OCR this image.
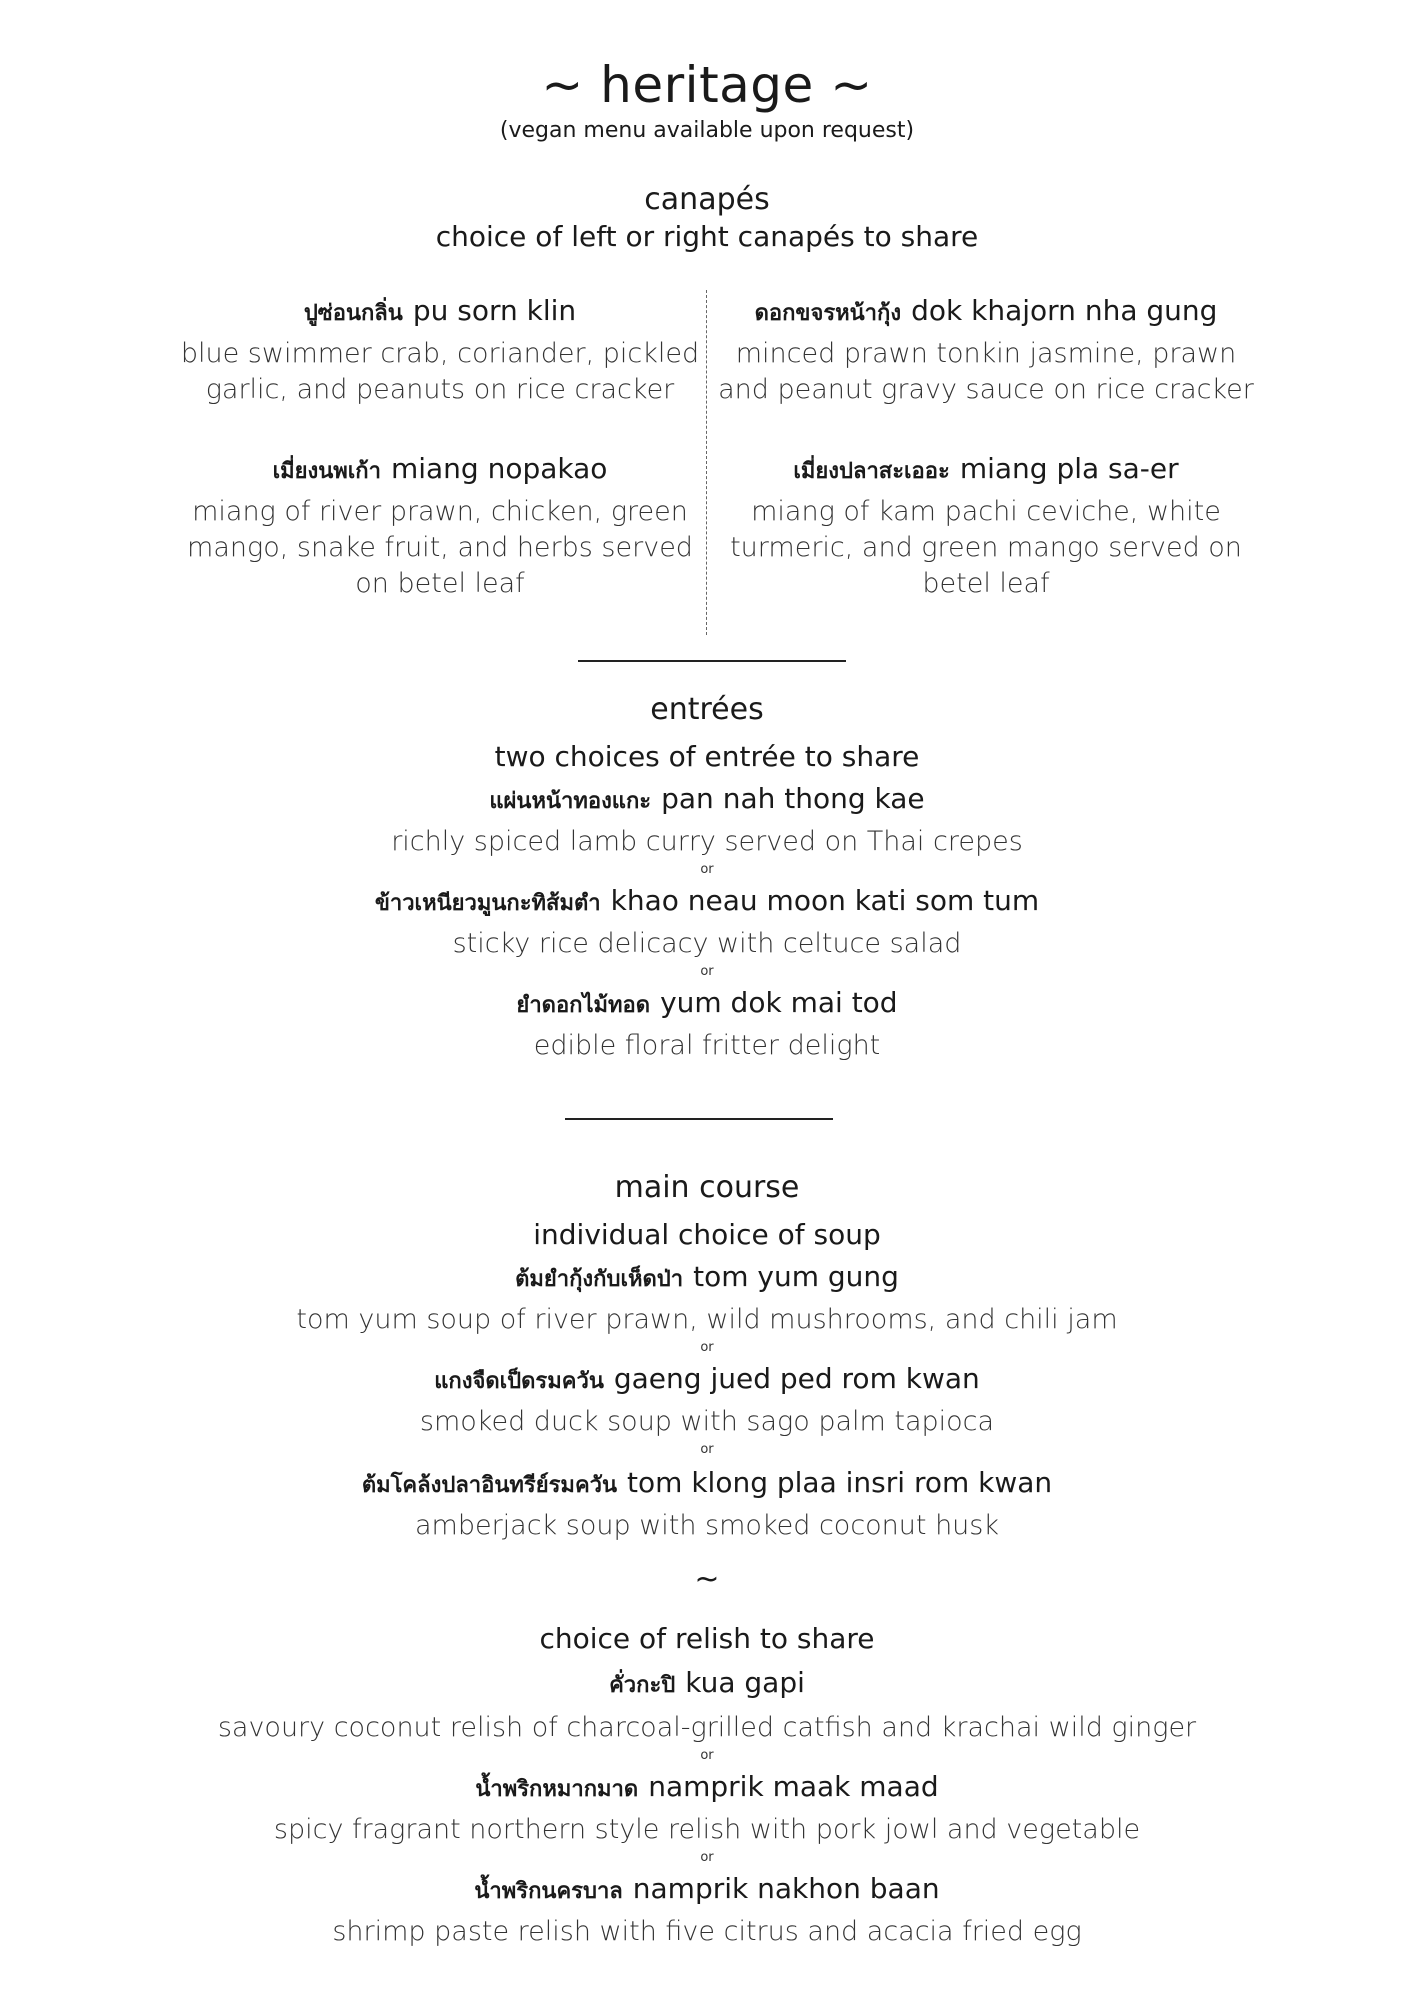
~ heritage ~
(vegan menu available upon request)
canapés
choice of left or right canapés to share
ปูซ่อนกลิ่น pu sorn klin
blue swimmer crab, coriander, pickled garlic, and peanuts on rice cracker
เมี่ยงนพเก้า miang nopakao
miang of river prawn, chicken, green mango, snake fruit, and herbs served on betel leaf
ดอกขจรหน้ากุ้ง dok khajorn nha gung
minced prawn tonkin jasmine, prawn and peanut gravy sauce on rice cracker
เมี่ยงปลาสะเออะ miang pla sa-er
miang of kam pachi ceviche, white turmeric, and green mango served on betel leaf
entrées
two choices of entrée to share
แผ่นหน้าทองแกะ pan nah thong kae
richly spiced lamb curry served on Thai crepes
or
ข้าวเหนียวมูนกะทิส้มตำ khao neau moon kati som tum
sticky rice delicacy with celtuce salad
or
ยำดอกไม้ทอด yum dok mai tod
edible floral fritter delight
main course
individual choice of soup
ต้มยำกุ้งกับเห็ดป่า tom yum gung
tom yum soup of river prawn, wild mushrooms, and chili jam
or
แกงจืดเป็ดรมควัน gaeng jued ped rom kwan
smoked duck soup with sago palm tapioca
or
ต้มโคล้งปลาอินทรีย์รมควัน tom klong plaa insri rom kwan
amberjack soup with smoked coconut husk
~
choice of relish to share
คั่วกะปิ kua gapi
savoury coconut relish of charcoal-grilled catfish and krachai wild ginger
or
น้ำพริกหมากมาด namprik maak maad
spicy fragrant northern style relish with pork jowl and vegetable
or
น้ำพริกนครบาล namprik nakhon baan
shrimp paste relish with five citrus and acacia fried egg
